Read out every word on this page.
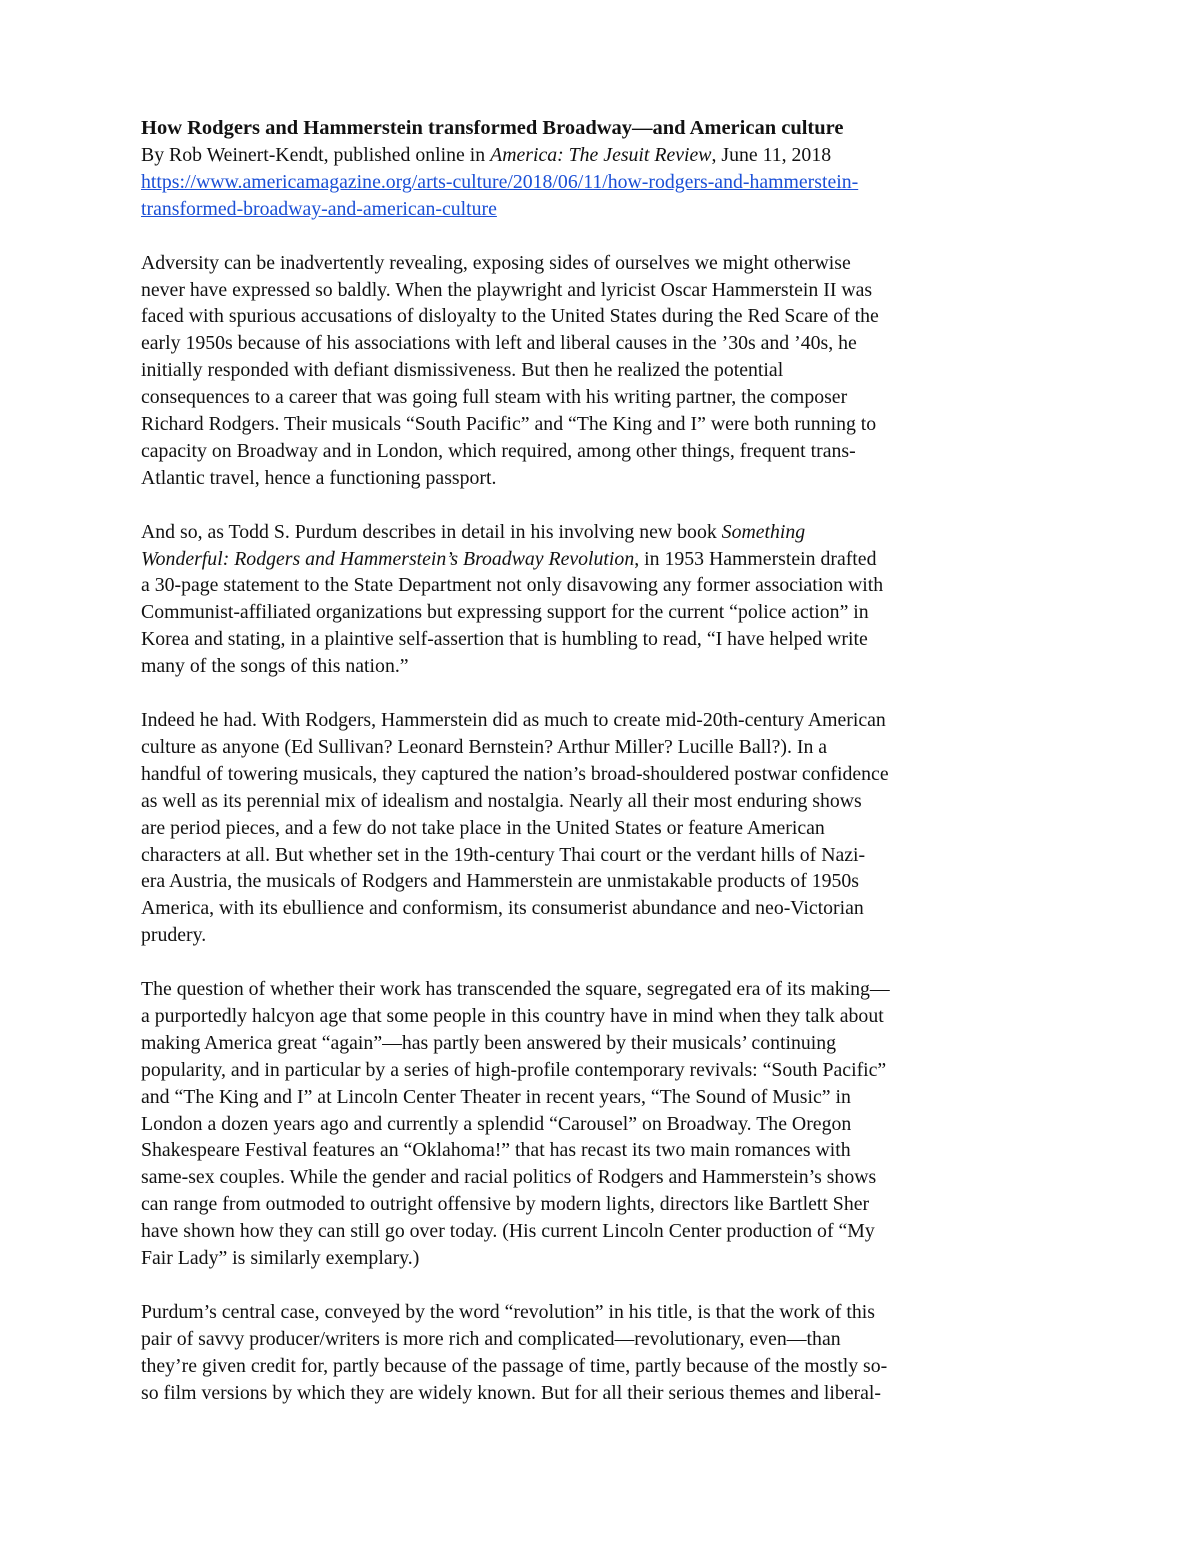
How Rodgers and Hammerstein transformed Broadway—and American culture
By Rob Weinert-Kendt, published online in America: The Jesuit Review, June 11, 2018
https://www.americamagazine.org/arts-culture/2018/06/11/how-rodgers-and-hammerstein-
transformed-broadway-and-american-culture

Adversity can be inadvertently revealing, exposing sides of ourselves we might otherwise
never have expressed so baldly. When the playwright and lyricist Oscar Hammerstein II was
faced with spurious accusations of disloyalty to the United States during the Red Scare of the
early 1950s because of his associations with left and liberal causes in the ’30s and ’40s, he
initially responded with defiant dismissiveness. But then he realized the potential
consequences to a career that was going full steam with his writing partner, the composer
Richard Rodgers. Their musicals “South Pacific” and “The King and I” were both running to
capacity on Broadway and in London, which required, among other things, frequent trans-
Atlantic travel, hence a functioning passport.

And so, as Todd S. Purdum describes in detail in his involving new book Something
Wonderful: Rodgers and Hammerstein’s Broadway Revolution, in 1953 Hammerstein drafted
a 30-page statement to the State Department not only disavowing any former association with
Communist-affiliated organizations but expressing support for the current “police action” in
Korea and stating, in a plaintive self-assertion that is humbling to read, “I have helped write
many of the songs of this nation.”

Indeed he had. With Rodgers, Hammerstein did as much to create mid-20th-century American
culture as anyone (Ed Sullivan? Leonard Bernstein? Arthur Miller? Lucille Ball?). In a
handful of towering musicals, they captured the nation’s broad-shouldered postwar confidence
as well as its perennial mix of idealism and nostalgia. Nearly all their most enduring shows
are period pieces, and a few do not take place in the United States or feature American
characters at all. But whether set in the 19th-century Thai court or the verdant hills of Nazi-
era Austria, the musicals of Rodgers and Hammerstein are unmistakable products of 1950s
America, with its ebullience and conformism, its consumerist abundance and neo-Victorian
prudery.

The question of whether their work has transcended the square, segregated era of its making—
a purportedly halcyon age that some people in this country have in mind when they talk about
making America great “again”—has partly been answered by their musicals’ continuing
popularity, and in particular by a series of high-profile contemporary revivals: “South Pacific”
and “The King and I” at Lincoln Center Theater in recent years, “The Sound of Music” in
London a dozen years ago and currently a splendid “Carousel” on Broadway. The Oregon
Shakespeare Festival features an “Oklahoma!” that has recast its two main romances with
same-sex couples. While the gender and racial politics of Rodgers and Hammerstein’s shows
can range from outmoded to outright offensive by modern lights, directors like Bartlett Sher
have shown how they can still go over today. (His current Lincoln Center production of “My
Fair Lady” is similarly exemplary.)

Purdum’s central case, conveyed by the word “revolution” in his title, is that the work of this
pair of savvy producer/writers is more rich and complicated—revolutionary, even—than
they’re given credit for, partly because of the passage of time, partly because of the mostly so-
so film versions by which they are widely known. But for all their serious themes and liberal-
